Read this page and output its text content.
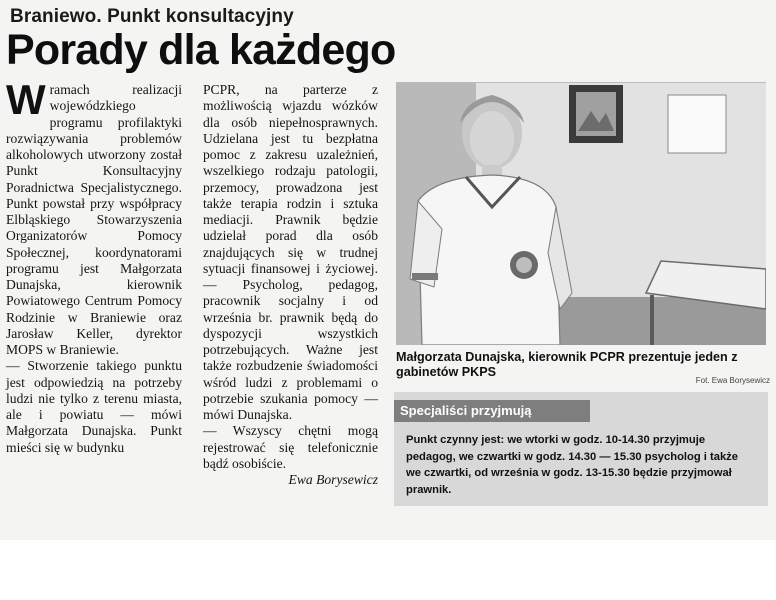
Braniewo. Punkt konsultacyjny
Porady dla każdego
W ramach realizacji wojewódzkiego programu profilaktyki rozwiązywania problemów alkoholowych utworzony został Punkt Konsultacyjny Poradnictwa Specjalistycznego. Punkt powstał przy współpracy Elbląskiego Stowarzyszenia Organizatorów Pomocy Społecznej, koordynatorami programu jest Małgorzata Dunajska, kierownik Powiatowego Centrum Pomocy Rodzinie w Braniewie oraz Jarosław Keller, dyrektor MOPS w Braniewie.

— Stworzenie takiego punktu jest odpowiedzią na potrzeby ludzi nie tylko z terenu miasta, ale i powiatu — mówi Małgorzata Dunajska. Punkt mieści się w budynku

PCPR, na parterze z możliwością wjazdu wózków dla osób niepełnosprawnych. Udzielana jest tu bezpłatna pomoc z zakresu uzależnień, wszelkiego rodzaju patologii, przemocy, prowadzona jest także terapia rodzin i sztuka mediacji. Prawnik będzie udzielał porad dla osób znajdujących się w trudnej sytuacji finansowej i życiowej. — Psycholog, pedagog, pracownik socjalny i od września br. prawnik będą do dyspozycji wszystkich potrzebujących. Ważne jest także rozbudzenie świadomości wśród ludzi z problemami o potrzebie szukania pomocy — mówi Dunajska.

— Wszyscy chętni mogą rejestrować się telefonicznie bądź osobiście.

Ewa Borysewicz

Małgorzata Dunajska, kierownik PCPR prezentuje jeden z gabinetów PKPS
Fot. Ewa Borysewicz
Specjaliści przyjmują
Punkt czynny jest: we wtorki w godz. 10-14.30 przyjmuje pedagog, we czwartki w godz. 14.30 — 15.30 psycholog i także we czwartki, od września w godz. 13-15.30 będzie przyjmował prawnik.
